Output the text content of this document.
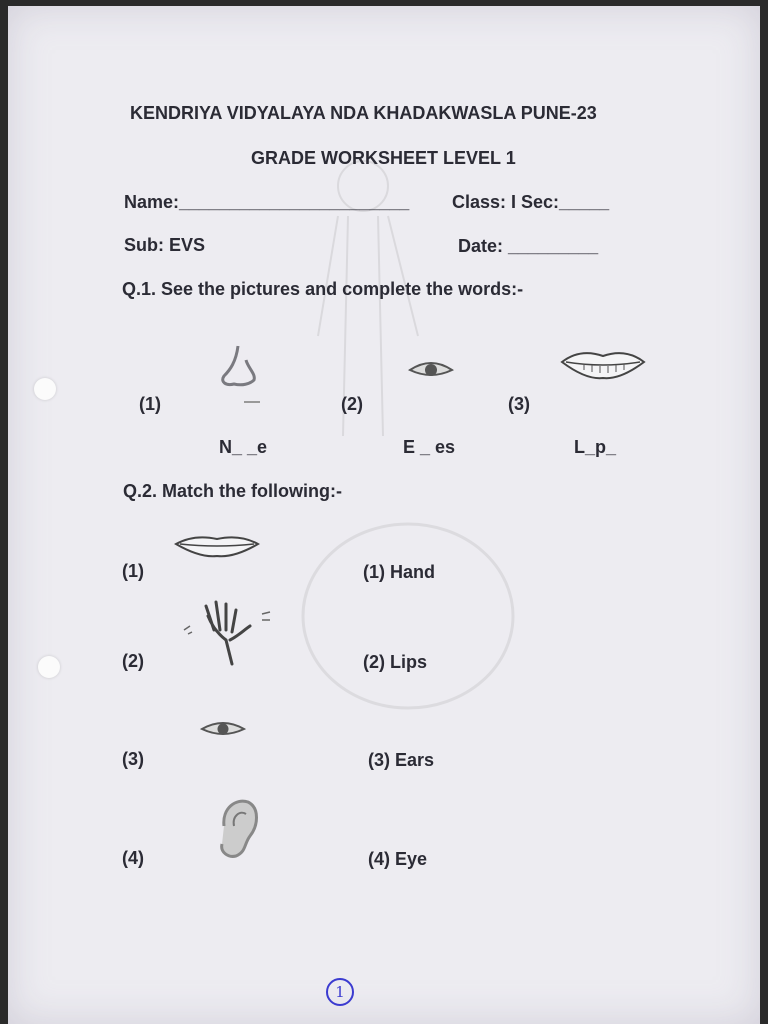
KENDRIYA VIDYALAYA NDA KHADAKWASLA PUNE-23
GRADE WORKSHEET LEVEL 1
Name:_______________________ Class: I Sec:_____
Sub: EVS	Date: _________
Q.1. See the pictures and complete the words:-
(1)	(2)	(3)
N_ _e	E _ es	L_p_
Q.2. Match the following:-
(1)
(2)
(3)
(4)
(1) Hand
(2) Lips
(3) Ears
(4) Eye
1
